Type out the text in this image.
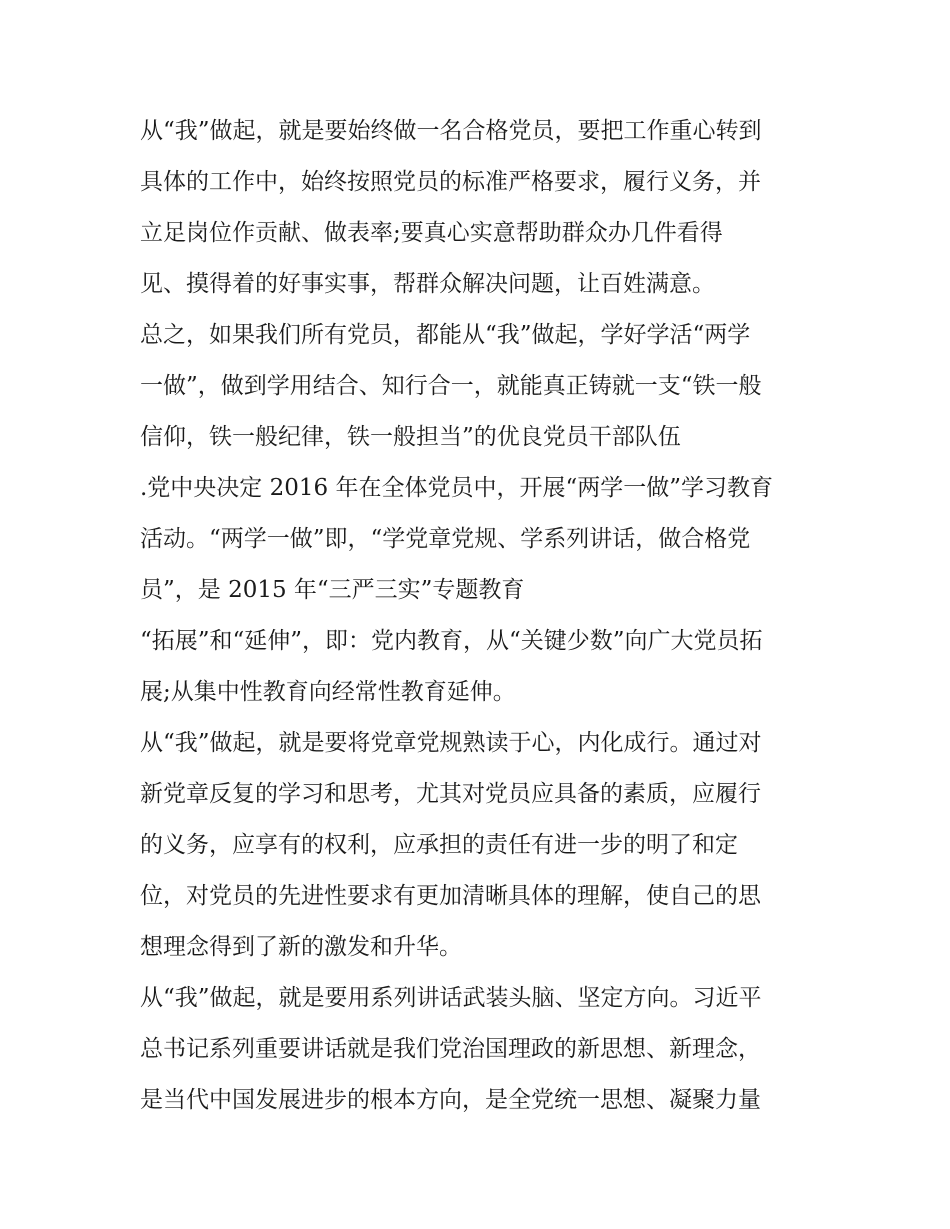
从“我”做起，就是要始终做一名合格党员，要把工作重心转到
具体的工作中，始终按照党员的标准严格要求，履行义务，并
立足岗位作贡献、做表率;要真心实意帮助群众办几件看得
见、摸得着的好事实事，帮群众解决问题，让百姓满意。
总之，如果我们所有党员，都能从“我”做起，学好学活“两学
一做”，做到学用结合、知行合一，就能真正铸就一支“铁一般
信仰，铁一般纪律，铁一般担当”的优良党员干部队伍
.党中央决定 2016 年在全体党员中，开展“两学一做”学习教育
活动。“两学一做”即，“学党章党规、学系列讲话，做合格党
员”，是 2015 年“三严三实”专题教育
“拓展”和“延伸”，即：党内教育，从“关键少数”向广大党员拓
展;从集中性教育向经常性教育延伸。
从“我”做起，就是要将党章党规熟读于心，内化成行。通过对
新党章反复的学习和思考，尤其对党员应具备的素质，应履行
的义务，应享有的权利，应承担的责任有进一步的明了和定
位，对党员的先进性要求有更加清晰具体的理解，使自己的思
想理念得到了新的激发和升华。
从“我”做起，就是要用系列讲话武装头脑、坚定方向。习近平
总书记系列重要讲话就是我们党治国理政的新思想、新理念，
是当代中国发展进步的根本方向，是全党统一思想、凝聚力量
